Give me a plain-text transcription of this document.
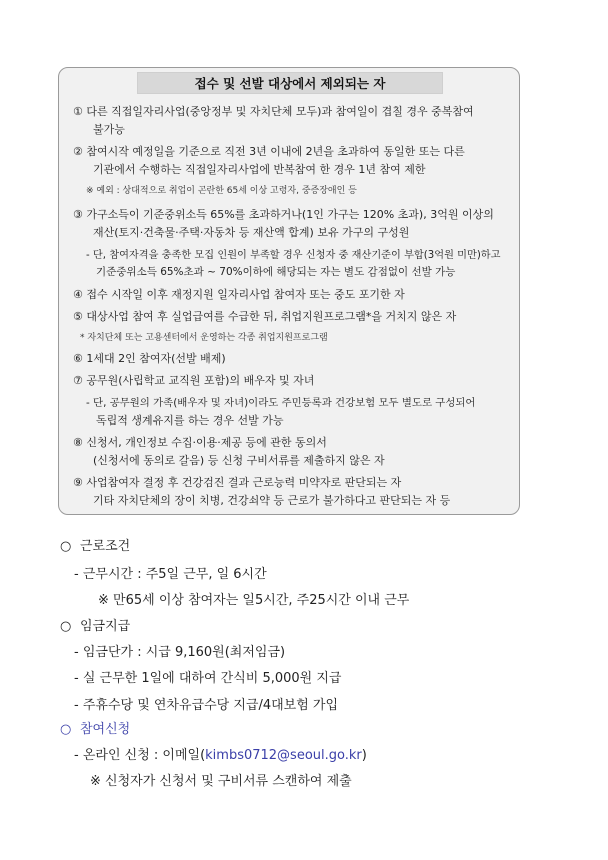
접수 및 선발 대상에서 제외되는 자
① 다른 직접일자리사업(중앙정부 및 자치단체 모두)과 참여일이 겹칠 경우 중복참여
불가능
② 참여시작 예정일을 기준으로 직전 3년 이내에 2년을 초과하여 동일한 또는 다른
기관에서 수행하는 직접일자리사업에 반복참여 한 경우 1년 참여 제한
※ 예외 : 상대적으로 취업이 곤란한 65세 이상 고령자, 중증장애인 등
③ 가구소득이 기준중위소득 65%를 초과하거나(1인 가구는 120% 초과), 3억원 이상의
재산(토지·건축물·주택·자동차 등 재산액 합계) 보유 가구의 구성원
- 단, 참여자격을 충족한 모집 인원이 부족할 경우 신청자 중 재산기준이 부합(3억원 미만)하고
기준중위소득 65%초과 ~ 70%이하에 해당되는 자는 별도 감점없이 선발 가능
④ 접수 시작일 이후 재정지원 일자리사업 참여자 또는 중도 포기한 자
⑤ 대상사업 참여 후 실업급여를 수급한 뒤, 취업지원프로그램*을 거치지 않은 자
* 자치단체 또는 고용센터에서 운영하는 각종 취업지원프로그램
⑥ 1세대 2인 참여자(선발 배제)
⑦ 공무원(사립학교 교직원 포함)의 배우자 및 자녀
- 단, 공무원의 가족(배우자 및 자녀)이라도 주민등록과 건강보험 모두 별도로 구성되어
독립적 생계유지를 하는 경우 선발 가능
⑧ 신청서, 개인정보 수집·이용·제공 등에 관한 동의서
(신청서에 동의로 갈음) 등 신청 구비서류를 제출하지 않은 자
⑨ 사업참여자 결정 후 건강검진 결과 근로능력 미약자로 판단되는 자
기타 자치단체의 장이 치병, 건강쇠약 등 근로가 불가하다고 판단되는 자 등
○ 근로조건
- 근무시간 : 주5일 근무, 일 6시간
※ 만65세 이상 참여자는 일5시간, 주25시간 이내 근무
○ 임금지급
- 임금단가 : 시급 9,160원(최저임금)
- 실 근무한 1일에 대하여 간식비 5,000원 지급
- 주휴수당 및 연차유급수당 지급/4대보험 가입
○ 참여신청
- 온라인 신청 : 이메일(kimbs0712@seoul.go.kr)
※ 신청자가 신청서 및 구비서류 스캔하여 제출
